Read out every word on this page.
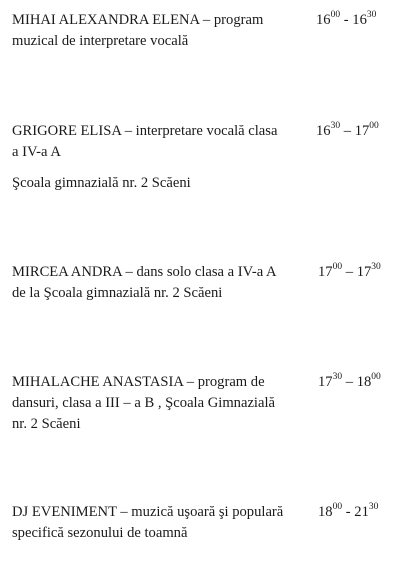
MIHAI ALEXANDRA ELENA – program
muzical de interpretare vocală
$16^{00} - 16^{30}$
GRIGORE ELISA – interpretare vocală clasa
a IV-a A
$16^{30} - 17^{00}$
Şcoala gimnazială nr. 2 Scăeni
MIRCEA ANDRA – dans solo clasa a IV-a A
de la Şcoala gimnazială nr. 2 Scăeni
$17^{00} - 17^{30}$
MIHALACHE ANASTASIA – program de
dansuri, clasa a III – a B , Şcoala Gimnazială
nr. 2 Scăeni
$17^{30} - 18^{00}$
DJ EVENIMENT – muzică uşoară şi populară
specifică sezonului de toamnă
$18^{00} - 21^{30}$
